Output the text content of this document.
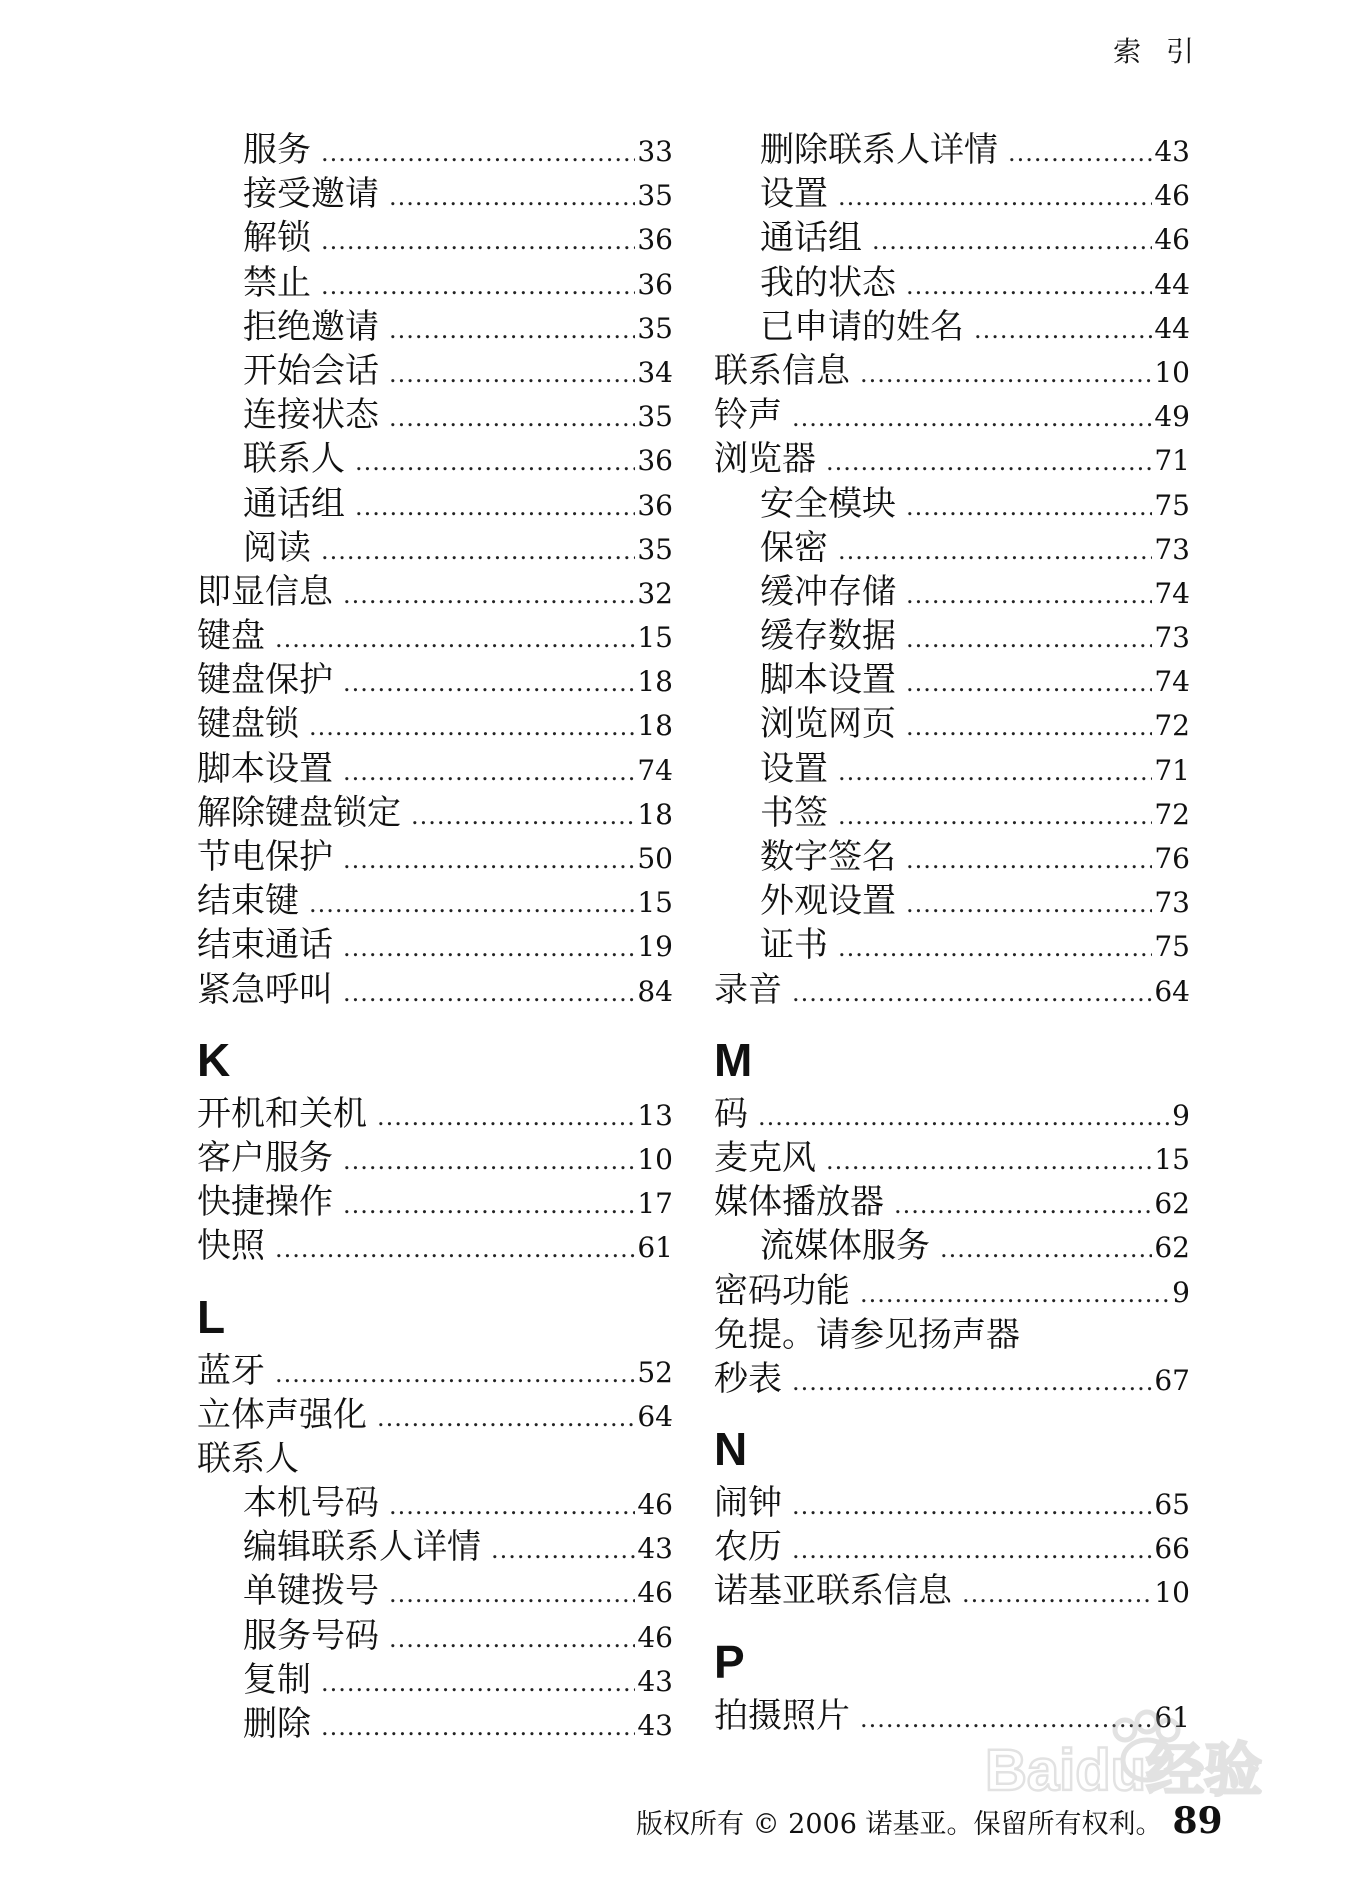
索 引
服务 .....	33
接受邀请 .....	35
解锁 .....	36
禁止 .....	36
拒绝邀请 .....	35
开始会话 .....	34
连接状态 .....	35
联系人 .....	36
通话组 .....	36
阅读 .....	35
即显信息 .....	32
键盘 .....	15
键盘保护 .....	18
键盘锁 .....	18
脚本设置 .....	74
解除键盘锁定 .....	18
节电保护 .....	50
结束键 .....	15
结束通话 .....	19
紧急呼叫 .....	84
K
开机和关机 .....	13
客户服务 .....	10
快捷操作 .....	17
快照 .....	61
L
蓝牙 .....	52
立体声强化 .....	64
联系人
本机号码 .....	46
编辑联系人详情 .....	43
单键拨号 .....	46
服务号码 .....	46
复制 .....	43
删除 .....	43
删除联系人详情 .....	43
设置 .....	46
通话组 .....	46
我的状态 .....	44
已申请的姓名 .....	44
联系信息 .....	10
铃声 .....	49
浏览器 .....	71
安全模块 .....	75
保密 .....	73
缓冲存储 .....	74
缓存数据 .....	73
脚本设置 .....	74
浏览网页 .....	72
设置 .....	71
书签 .....	72
数字签名 .....	76
外观设置 .....	73
证书 .....	75
录音 .....	64
M
码 .....	9
麦克风 .....	15
媒体播放器 .....	62
流媒体服务 .....	62
密码功能 .....	9
免提。请参见扬声器
秒表 .....	67
N
闹钟 .....	65
农历 .....	66
诺基亚联系信息 .....	10
P
拍摄照片 .....	61
版权所有 © 2006 诺基亚。保留所有权利。 89
Baidu经验
